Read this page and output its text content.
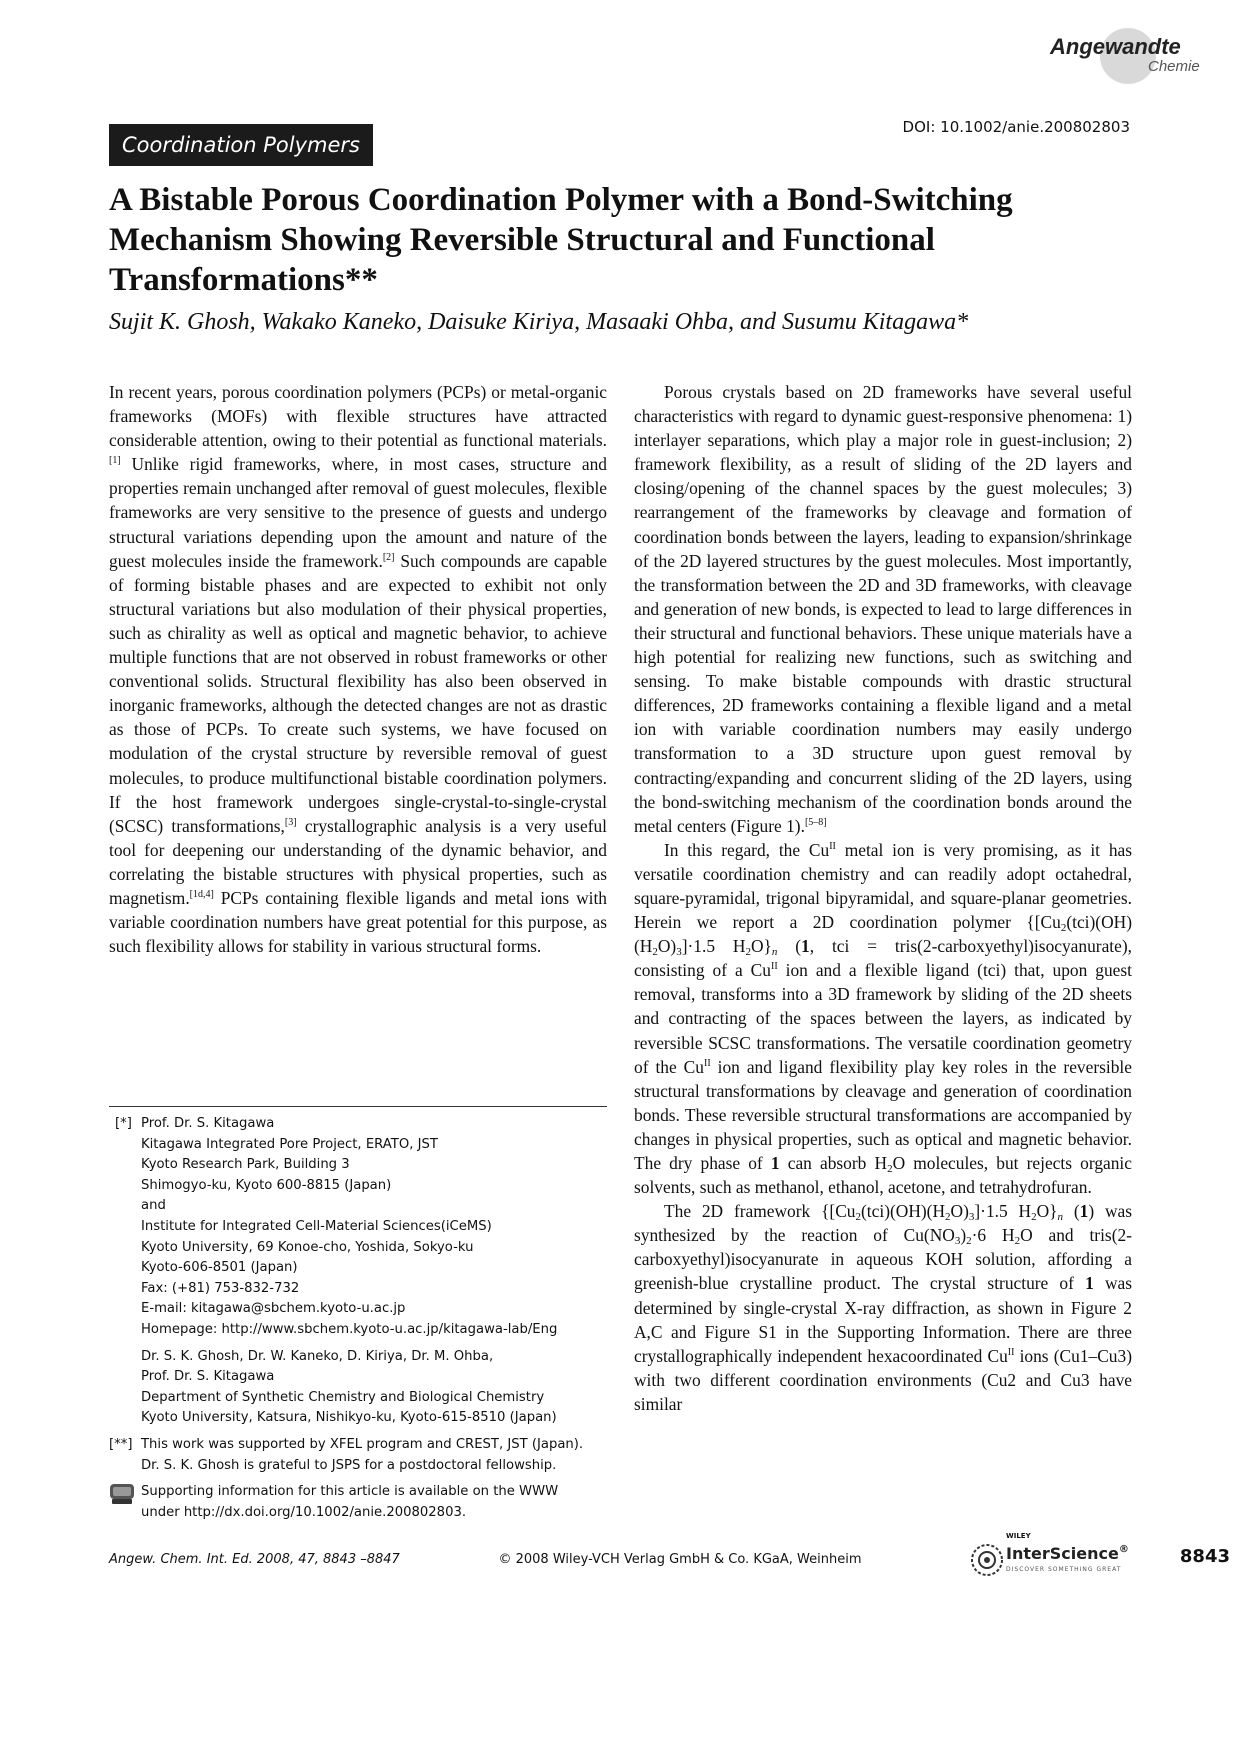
Angewandte
Chemie
Coordination Polymers
DOI: 10.1002/anie.200802803
A Bistable Porous Coordination Polymer with a Bond-Switching Mechanism Showing Reversible Structural and Functional Transformations**
Sujit K. Ghosh, Wakako Kaneko, Daisuke Kiriya, Masaaki Ohba, and Susumu Kitagawa*

In recent years, porous coordination polymers (PCPs) or metal-organic frameworks (MOFs) with flexible structures have attracted considerable attention, owing to their potential as functional materials.[1] Unlike rigid frameworks, where, in most cases, structure and properties remain unchanged after removal of guest molecules, flexible frameworks are very sensitive to the presence of guests and undergo structural variations depending upon the amount and nature of the guest molecules inside the framework.[2] Such compounds are capable of forming bistable phases and are expected to exhibit not only structural variations but also modulation of their physical properties, such as chirality as well as optical and magnetic behavior, to achieve multiple functions that are not observed in robust frameworks or other conventional solids. Structural flexibility has also been observed in inorganic frameworks, although the detected changes are not as drastic as those of PCPs. To create such systems, we have focused on modulation of the crystal structure by reversible removal of guest molecules, to produce multifunctional bistable coordination polymers. If the host framework undergoes single-crystal-to-single-crystal (SCSC) transformations,[3] crystallographic analysis is a very useful tool for deepening our understanding of the dynamic behavior, and correlating the bistable structures with physical properties, such as magnetism.[1d,4] PCPs containing flexible ligands and metal ions with variable coordination numbers have great potential for this purpose, as such flexibility allows for stability in various structural forms.

[*] Prof. Dr. S. Kitagawa
Kitagawa Integrated Pore Project, ERATO, JST
Kyoto Research Park, Building 3
Shimogyo-ku, Kyoto 600-8815 (Japan)
and
Institute for Integrated Cell-Material Sciences(iCeMS)
Kyoto University, 69 Konoe-cho, Yoshida, Sokyo-ku
Kyoto-606-8501 (Japan)
Fax: (+81) 753-832-732
E-mail: kitagawa@sbchem.kyoto-u.ac.jp
Homepage: http://www.sbchem.kyoto-u.ac.jp/kitagawa-lab/Eng
Dr. S. K. Ghosh, Dr. W. Kaneko, D. Kiriya, Dr. M. Ohba,
Prof. Dr. S. Kitagawa
Department of Synthetic Chemistry and Biological Chemistry
Kyoto University, Katsura, Nishikyo-ku, Kyoto-615-8510 (Japan)
[**] This work was supported by XFEL program and CREST, JST (Japan).
Dr. S. K. Ghosh is grateful to JSPS for a postdoctoral fellowship.
Supporting information for this article is available on the WWW
under http://dx.doi.org/10.1002/anie.200802803.

Porous crystals based on 2D frameworks have several useful characteristics with regard to dynamic guest-responsive phenomena: 1) interlayer separations, which play a major role in guest-inclusion; 2) framework flexibility, as a result of sliding of the 2D layers and closing/opening of the channel spaces by the guest molecules; 3) rearrangement of the frameworks by cleavage and formation of coordination bonds between the layers, leading to expansion/shrinkage of the 2D layered structures by the guest molecules. Most importantly, the transformation between the 2D and 3D frameworks, with cleavage and generation of new bonds, is expected to lead to large differences in their structural and functional behaviors. These unique materials have a high potential for realizing new functions, such as switching and sensing. To make bistable compounds with drastic structural differences, 2D frameworks containing a flexible ligand and a metal ion with variable coordination numbers may easily undergo transformation to a 3D structure upon guest removal by contracting/expanding and concurrent sliding of the 2D layers, using the bond-switching mechanism of the coordination bonds around the metal centers (Figure 1).[5–8]

In this regard, the $Cu^{II}$ metal ion is very promising, as it has versatile coordination chemistry and can readily adopt octahedral, square-pyramidal, trigonal bipyramidal, and square-planar geometries. Herein we report a 2D coordination polymer {$[Cu_2(tci)(OH)(H_2O)_3]\cdot 1.5$ $H_2O\}_n$ (1, tci = tris(2-carboxyethyl)isocyanurate), consisting of a $Cu^{II}$ ion and a flexible ligand (tci) that, upon guest removal, transforms into a 3D framework by sliding of the 2D sheets and contracting of the spaces between the layers, as indicated by reversible SCSC transformations. The versatile coordination geometry of the $Cu^{II}$ ion and ligand flexibility play key roles in the reversible structural transformations by cleavage and generation of coordination bonds. These reversible structural transformations are accompanied by changes in physical properties, such as optical and magnetic behavior. The dry phase of 1 can absorb $H_2O$ molecules, but rejects organic solvents, such as methanol, ethanol, acetone, and tetrahydrofuran.

The 2D framework {$[Cu_2(tci)(OH)(H_2O)_3]\cdot 1.5$ $H_2O\}_n$ (1) was synthesized by the reaction of $Cu(NO_3)_2\cdot 6$ $H_2O$ and tris(2-carboxyethyl)isocyanurate in aqueous KOH solution, affording a greenish-blue crystalline product. The crystal structure of 1 was determined by single-crystal X-ray diffraction, as shown in Figure 2 A,C and Figure S1 in the Supporting Information. There are three crystallographically independent hexacoordinated $Cu^{II}$ ions (Cu1–Cu3) with two different coordination environments (Cu2 and Cu3 have similar

Angew. Chem. Int. Ed. 2008, 47, 8843 –8847	© 2008 Wiley-VCH Verlag GmbH & Co. KGaA, Weinheim
WILEY
InterScience®
DISCOVER SOMETHING GREAT
8843
